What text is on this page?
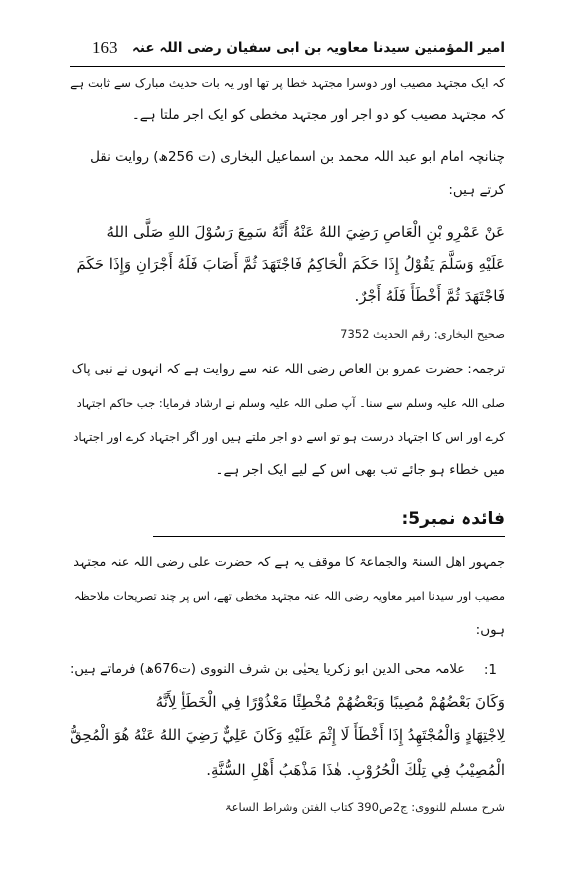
امیر المؤمنین سیدنا معاویہ بن ابی سفیان رضی اللہ عنہ
163
کہ ایک مجتہد مصیب اور دوسرا مجتہد خطا پر تھا اور یہ بات حدیث مبارک سے ثابت ہے
کہ مجتہد مصیب کو دو اجر اور مجتہد مخطی کو ایک اجر ملتا ہے۔
چنانچہ امام ابو عبد اللہ محمد بن اسماعیل البخاری (ت 256ھ) روایت نقل
کرتے ہیں:
عَنْ عَمْرِو بْنِ الْعَاصِ رَضِيَ اللهُ عَنْهُ أَنَّهُ سَمِعَ رَسُوْلَ اللهِ صَلَّى اللهُ
عَلَيْهِ وَسَلَّمَ يَقُوْلُ إِذَا حَكَمَ الْحَاكِمُ فَاجْتَهَدَ ثُمَّ أَصَابَ فَلَهُ أَجْرَانِ وَإِذَا حَكَمَ
فَاجْتَهَدَ ثُمَّ أَخْطَأَ فَلَهُ أَجْرٌ.
صحیح البخاری: رقم الحدیث 7352
ترجمہ: حضرت عمرو بن العاص رضی اللہ عنہ سے روایت ہے کہ انہوں نے نبی پاک
صلی اللہ علیہ وسلم سے سنا۔ آپ صلی اللہ علیہ وسلم نے ارشاد فرمایا: جب حاکم اجتہاد
کرے اور اس کا اجتہاد درست ہو تو اسے دو اجر ملتے ہیں اور اگر اجتہاد کرے اور اجتہاد
میں خطاء ہو جائے تب بھی اس کے لیے ایک اجر ہے۔
فائدہ نمبر5:
جمہور اھل السنۃ والجماعۃ کا موقف یہ ہے کہ حضرت علی رضی اللہ عنہ مجتہد
مصیب اور سیدنا امیر معاویہ رضی اللہ عنہ مجتہد مخطی تھے، اس پر چند تصریحات ملاحظہ
ہوں:
1:
علامہ محی الدین ابو زکریا یحیٰی بن شرف النووی (ت676ھ) فرماتے ہیں:
وَكَانَ بَعْضُهُمْ مُصِيبًا وَبَعْضُهُمْ مُخْطِئًا مَعْذُوْرًا فِي الْخَطَأِ لِأَنَّهُ
لِاجْتِهَادٍ وَالْمُجْتَهِدُ إِذَا أَخْطَأَ لَا إِثْمَ عَلَيْهِ وَكَانَ عَلِيٌّ رَضِيَ اللهُ عَنْهُ هُوَ الْمُحِقُّ
الْمُصِيْبُ فِي تِلْكَ الْحُرُوْبِ. هٰذَا مَذْهَبُ أَهْلِ السُّنَّةِ.
شرح مسلم للنووی: ج2ص390 کتاب الفتن وشراط الساعۃ
